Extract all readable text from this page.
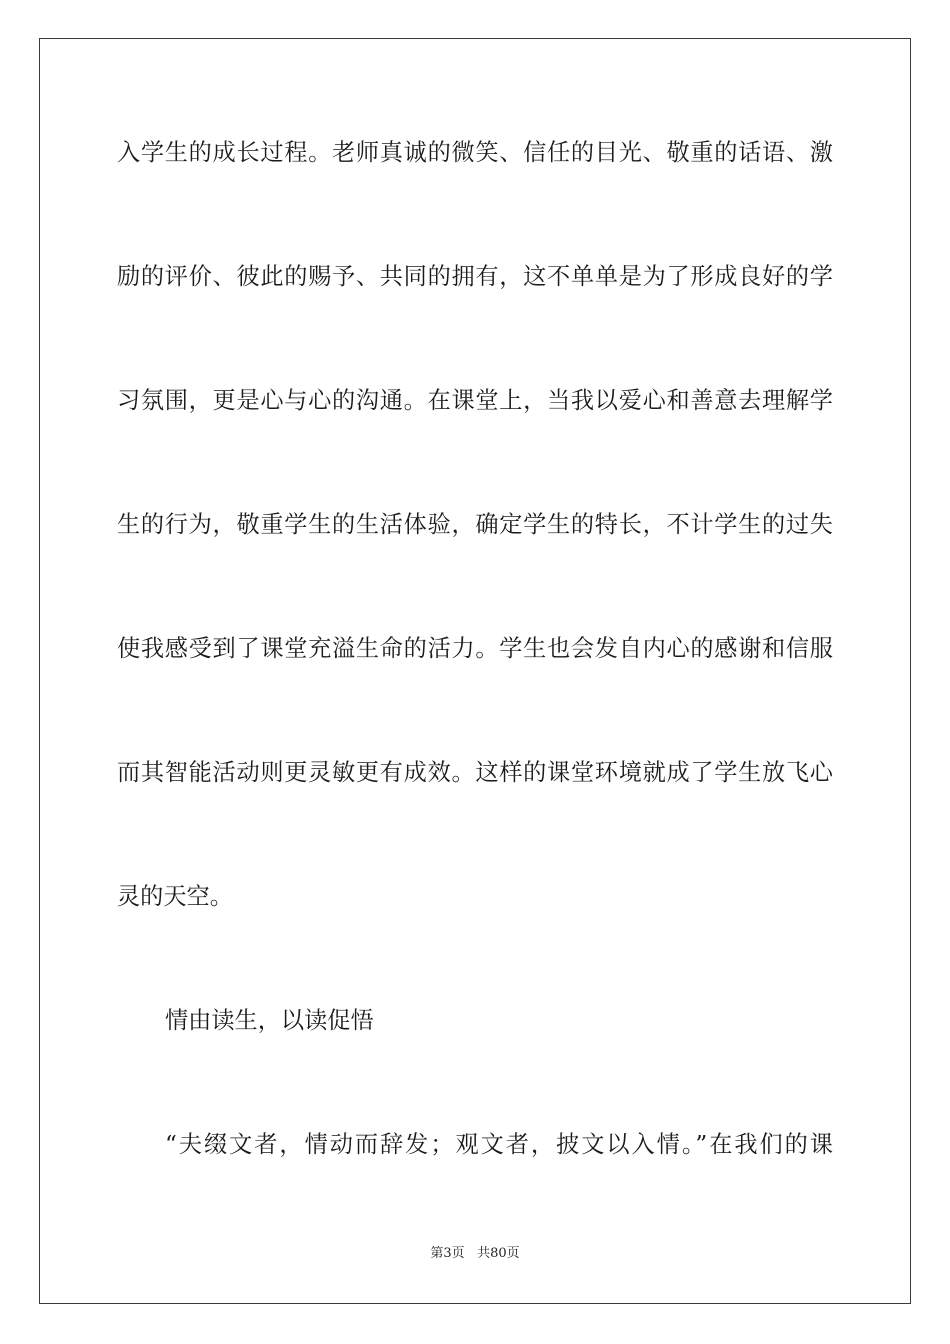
入学生的成长过程。老师真诚的微笑、信任的目光、敬重的话语、激
励的评价、彼此的赐予、共同的拥有，这不单单是为了形成良好的学
习氛围，更是心与心的沟通。在课堂上，当我以爱心和善意去理解学
生的行为，敬重学生的生活体验，确定学生的特长，不计学生的过失
使我感受到了课堂充溢生命的活力。学生也会发自内心的感谢和信服
而其智能活动则更灵敏更有成效。这样的课堂环境就成了学生放飞心
灵的天空。
情由读生，以读促悟
“夫缀文者，情动而辞发；观文者，披文以入情。”在我们的课
第3页 共80页
